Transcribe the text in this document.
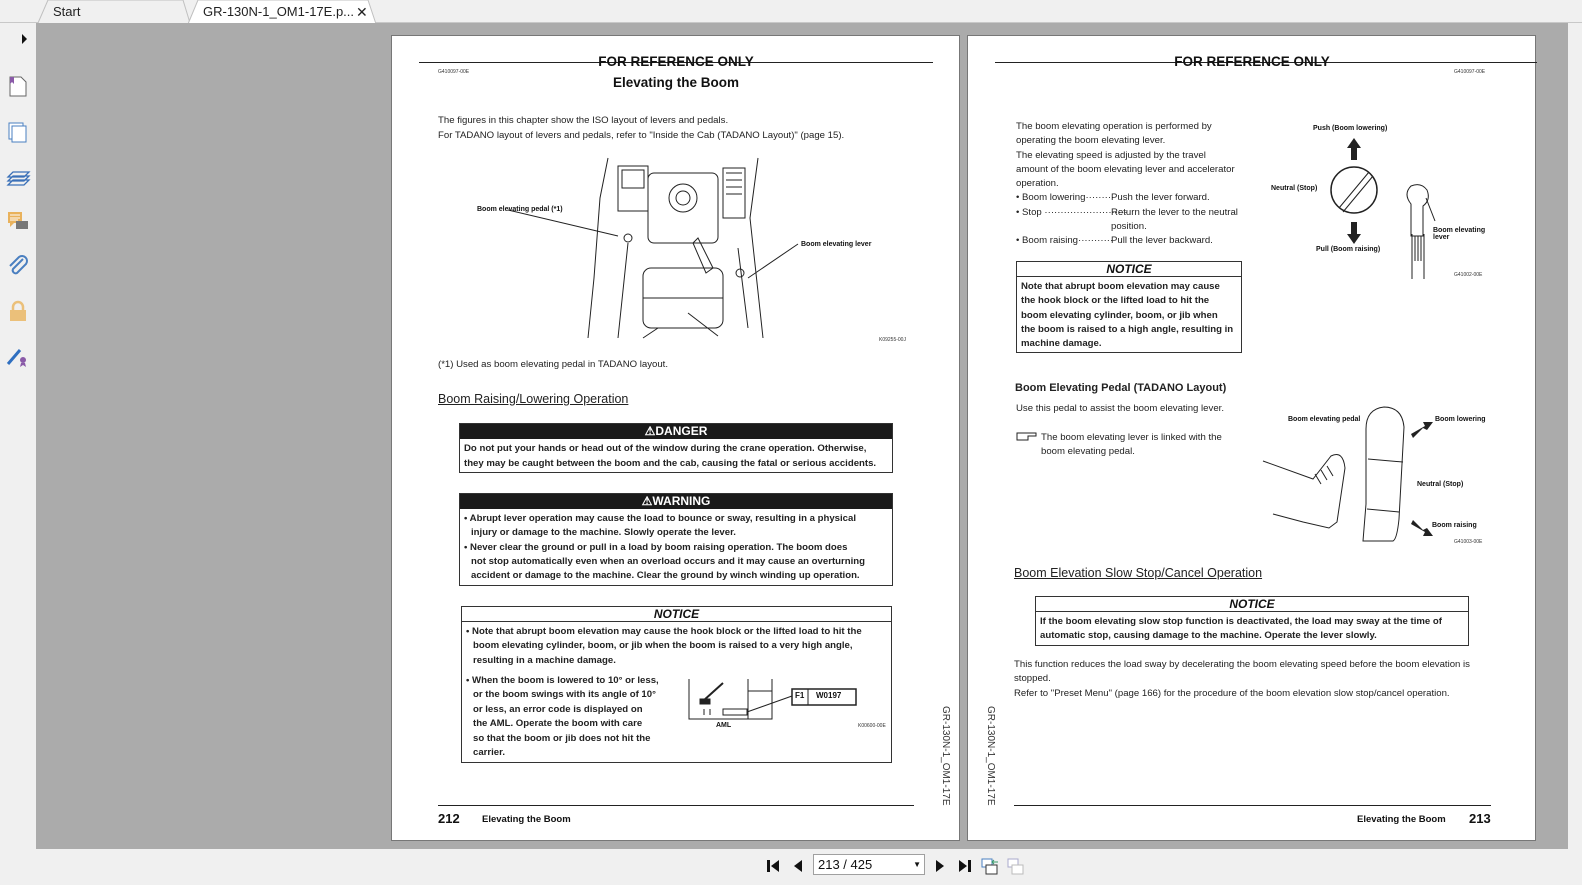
Start	GR-130N-1_OM1-17E.p... ✕
FOR REFERENCE ONLY
G410097-00E
Elevating the Boom
The figures in this chapter show the ISO layout of levers and pedals.
For TADANO layout of levers and pedals, refer to "Inside the Cab (TADANO Layout)" (page 15).
Boom elevating pedal (*1)
Boom elevating lever
K09255-00J
(*1) Used as boom elevating pedal in TADANO layout.
Boom Raising/Lowering Operation
⚠DANGER
Do not put your hands or head out of the window during the crane operation. Otherwise,
they may be caught between the boom and the cab, causing the fatal or serious accidents.
⚠WARNING
• Abrupt lever operation may cause the load to bounce or sway, resulting in a physical
injury or damage to the machine. Slowly operate the lever.
• Never clear the ground or pull in a load by boom raising operation. The boom does
not stop automatically even when an overload occurs and it may cause an overturning
accident or damage to the machine. Clear the ground by winch winding up operation.
NOTICE
• Note that abrupt boom elevation may cause the hook block or the lifted load to hit the
boom elevating cylinder, boom, or jib when the boom is raised to a very high angle,
resulting in a machine damage.
• When the boom is lowered to 10° or less,
or the boom swings with its angle of 10°
or less, an error code is displayed on
the AML. Operate the boom with care
so that the boom or jib does not hit the
carrier.
F1 W0197
AML	K00600-00E	GR-130N-1_OM1-17E
212 Elevating the Boom
FOR REFERENCE ONLY
G410097-00E
The boom elevating operation is performed by
operating the boom elevating lever.
The elevating speed is adjusted by the travel
amount of the boom elevating lever and accelerator
operation.
• Boom lowering·········
Push the lever forward.
• Stop ··························
Return the lever to the neutral
position.
• Boom raising···········
Pull the lever backward.
NOTICE
Note that abrupt boom elevation may cause
the hook block or the lifted load to hit the
boom elevating cylinder, boom, or jib when
the boom is raised to a high angle, resulting in
machine damage.
Push (Boom lowering)
Neutral (Stop)
Pull (Boom raising)
Boom elevating
lever
G41002-00E
Boom Elevating Pedal (TADANO Layout)
Use this pedal to assist the boom elevating lever.
The boom elevating lever is linked with the
boom elevating pedal.
Boom elevating pedal	Boom lowering
Neutral (Stop)
Boom raising
G41003-00E
Boom Elevation Slow Stop/Cancel Operation
NOTICE
If the boom elevating slow stop function is deactivated, the load may sway at the time of
automatic stop, causing damage to the machine. Operate the lever slowly.
This function reduces the load sway by decelerating the boom elevating speed before the boom elevation is
stopped.
Refer to "Preset Menu" (page 166) for the procedure of the boom elevation slow stop/cancel operation.
GR-130N-1_OM1-17E
Elevating the Boom 213
213 / 425	▼
